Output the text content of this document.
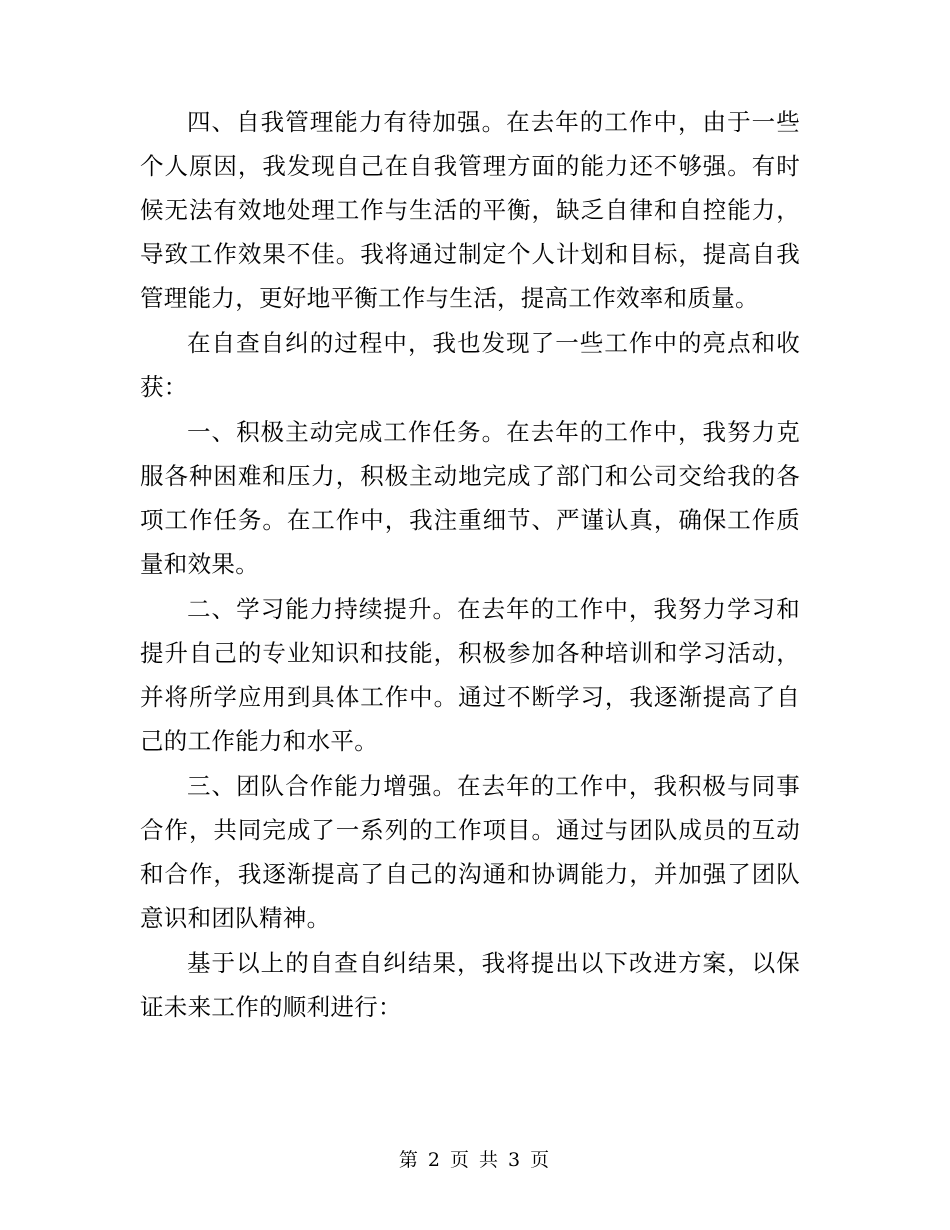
四、自我管理能力有待加强。在去年的工作中，由于一些个人原因，我发现自己在自我管理方面的能力还不够强。有时候无法有效地处理工作与生活的平衡，缺乏自律和自控能力，导致工作效果不佳。我将通过制定个人计划和目标，提高自我管理能力，更好地平衡工作与生活，提高工作效率和质量。

在自查自纠的过程中，我也发现了一些工作中的亮点和收获：

一、积极主动完成工作任务。在去年的工作中，我努力克服各种困难和压力，积极主动地完成了部门和公司交给我的各项工作任务。在工作中，我注重细节、严谨认真，确保工作质量和效果。

二、学习能力持续提升。在去年的工作中，我努力学习和提升自己的专业知识和技能，积极参加各种培训和学习活动，并将所学应用到具体工作中。通过不断学习，我逐渐提高了自己的工作能力和水平。

三、团队合作能力增强。在去年的工作中，我积极与同事合作，共同完成了一系列的工作项目。通过与团队成员的互动和合作，我逐渐提高了自己的沟通和协调能力，并加强了团队意识和团队精神。

基于以上的自查自纠结果，我将提出以下改进方案，以保证未来工作的顺利进行：

第 2 页 共 3 页
